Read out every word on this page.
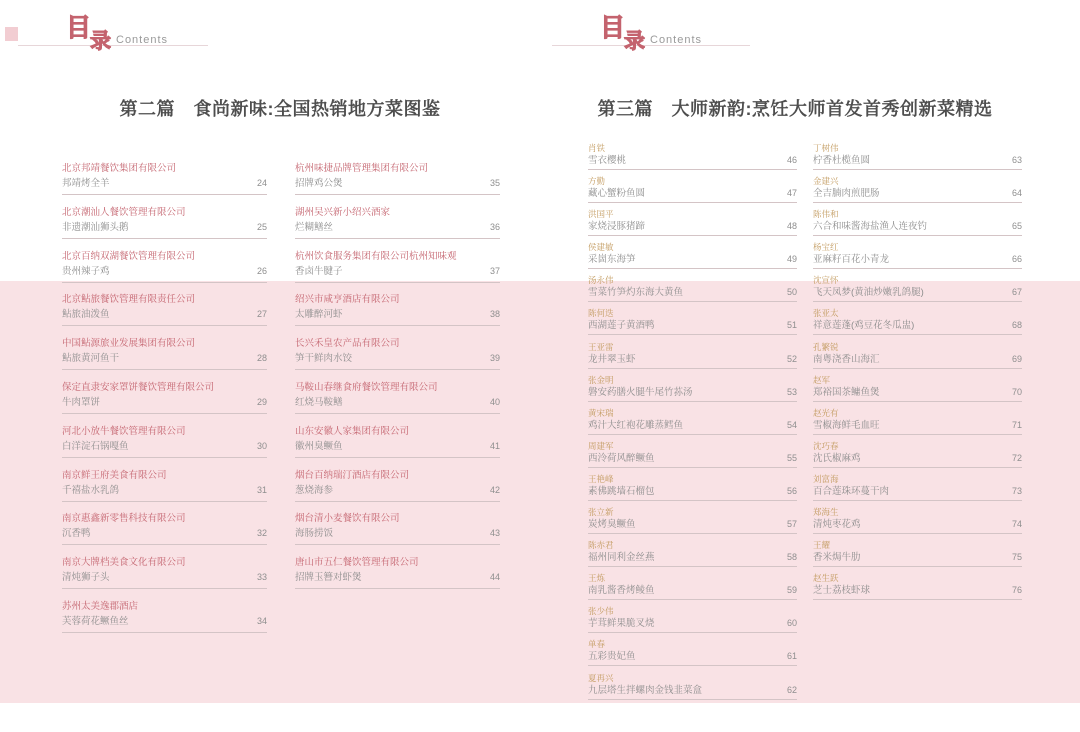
目
录 Contents	目
录 Contents
第二篇　食尚新味:全国热销地方菜图鉴	第三篇　大师新韵:烹饪大师首发首秀创新菜精选
北京邦靖餐饮集团有限公司
邦靖烤全羊	24
北京潮汕人餐饮管理有限公司
非遗潮汕狮头鹅	25
北京百纳双湖餐饮管理有限公司
贵州辣子鸡	26
北京鲇旅餐饮管理有限责任公司
鲇旅油泼鱼	27
中国鲇源旅业发展集团有限公司
鲇旅黄河鱼干	28
保定直隶安家罩饼餐饮管理有限公司
牛肉罩饼	29
河北小放牛餐饮管理有限公司
白洋淀石锅嘎鱼	30
南京鲜王府美食有限公司
千禧盐水乳鸽	31
南京惠鑫新零售科技有限公司
沉香鸭	32
南京大牌档美食文化有限公司
清炖狮子头	33
苏州太美逸郡酒店
芙蓉荷花鳜鱼丝	34
杭州味捷品牌管理集团有限公司
招牌鸡公煲	35
湖州吴兴新小绍兴酒家
烂糊鳝丝	36
杭州饮食服务集团有限公司杭州知味观
香卤牛腱子	37
绍兴市咸亨酒店有限公司
太雕醉河虾	38
长兴禾皇农产品有限公司
笋干鲜肉水饺	39
马鞍山春继食府餐饮管理有限公司
红烧马鞍鳝	40
山东安徽人家集团有限公司
徽州臭鳜鱼	41
烟台百纳瑞汀酒店有限公司
葱烧海参	42
烟台清小麦餐饮有限公司
海肠捞饭	43
唐山市五仁餐饮管理有限公司
招牌玉簪对虾煲	44
肖铁
雪衣樱桃	46
方勤
藏心蟹粉鱼圆	47
洪国平
家烧浸豚猪蹄	48
侯建敏
采崮东海笋	49
汤永伟
雪菜竹笋灼东海大黄鱼	50
陈何迭
西湖莲子黄酒鸭	51
王亚雷
龙井翠玉虾	52
张金明
磐安药膳火腿牛尾竹荪汤	53
黄宋瑞
鸡汁大红袍花雕蒸鳕鱼	54
周建军
西泠荷风醉鳜鱼	55
王艳峰
素佛跳墙石榴包	56
张立新
炭烤臭鳜鱼	57
陈赤君
福州同利金丝燕	58
王炼
南乳酱香烤鲮鱼	59
张少伟
芋茸鲜果脆叉烧	60
单春
五彩贵妃鱼	61
夏再兴
九层塔生拌螺肉金钱韭菜盒	62
丁树伟
柠香杜榄鱼圆	63
金建兴
全吉腩肉煎肥肠	64
陈伟和
六合和味酱海盐渔人连夜钓	65
杨宝红
亚麻籽百花小青龙	66
沈宣怀
飞天凤梦(黄油炒嫩乳鸽腿)	67
张亚太
祥意莲蓬(鸡豆花冬瓜盅)	68
孔繁锐
南粤浇香山海汇	69
赵军
郑裕国茶鳙鱼煲	70
赵光有
雪椒海鲜毛血旺	71
沈巧春
沈氏椒麻鸡	72
刘富海
百合莲珠环蔓干肉	73
郑海生
清炖枣花鸡	74
王耀
香米焗牛肋	75
赵生跃
芝士荔枝虾球	76
